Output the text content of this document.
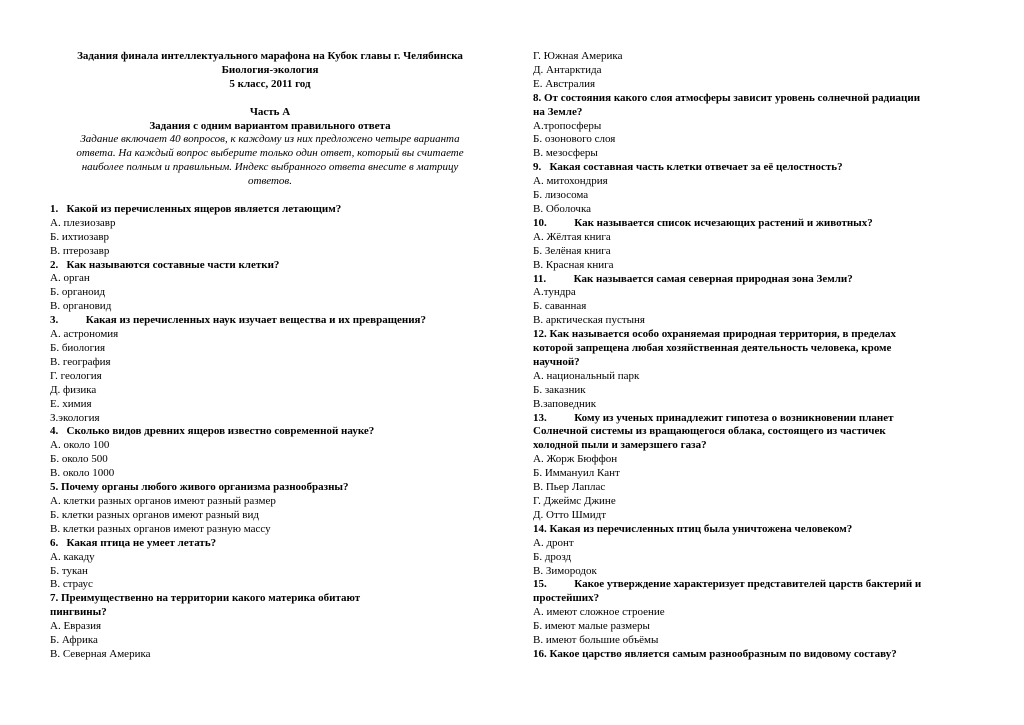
Задания финала интеллектуального марафона на Кубок главы г. Челябинска
Биология-экология
5 класс, 2011 год
Часть А
Задания с одним вариантом правильного ответа
Задание включает 40 вопросов, к каждому из них предложено четыре варианта
ответа. На каждый вопрос выберите только один ответ, который вы считаете
наиболее полным и правильным. Индекс выбранного ответа внесите в матрицу
ответов.
1.   Какой из перечисленных ящеров является летающим?
А. плезиозавр
Б. ихтиозавр
В. птерозавр
2.   Как называются составные части клетки?
А. орган
Б. органоид
В. органовид
3.          Какая из перечисленных наук изучает вещества и их превращения?
А. астрономия
Б. биология
В. география
Г. геология
Д. физика
Е. химия
З.экология
4.   Сколько видов древних ящеров известно современной науке?
А. около 100
Б. около 500
В. около 1000
5. Почему органы любого живого организма разнообразны?
А. клетки разных органов имеют разный размер
Б. клетки разных органов имеют разный вид
В. клетки разных органов имеют разную массу
6.   Какая птица не умеет летать?
А. какаду
Б. тукан
В. страус
7. Преимущественно на территории какого материка обитают
пингвины?
А. Евразия
Б. Африка
В. Северная Америка
Г. Южная Америка
Д. Антарктида
Е. Австралия
8. От состояния какого слоя атмосферы зависит уровень солнечной радиации
на Земле?
А.тропосферы
Б. озонового слоя
В. мезосферы
9.   Какая составная часть клетки отвечает за её целостность?
А. митохондрия
Б. лизосома
В. Оболочка
10.          Как называется список исчезающих растений и животных?
А. Жёлтая книга
Б. Зелёная книга
В. Красная книга
11.          Как называется самая северная природная зона Земли?
А.тундра
Б. саванная
В. арктическая пустыня
12. Как называется особо охраняемая природная территория, в пределах
которой запрещена любая хозяйственная деятельность человека, кроме
научной?
А. национальный парк
Б. заказник
В.заповедник
13.          Кому из ученых принадлежит гипотеза о возникновении планет
Солнечной системы из вращающегося облака, состоящего из частичек
холодной пыли и замерзшего газа?
А. Жорж Бюффон
Б. Иммануил Кант
В. Пьер Лаплас
Г. Джеймс Джине
Д. Отто Шмидт
14. Какая из перечисленных птиц была уничтожена человеком?
А. дронт
Б. дрозд
В. Зимородок
15.          Какое утверждение характеризует представителей царств бактерий и
простейших?
А. имеют сложное строение
Б. имеют малые размеры
В. имеют большие объёмы
16. Какое царство является самым разнообразным по видовому составу?
